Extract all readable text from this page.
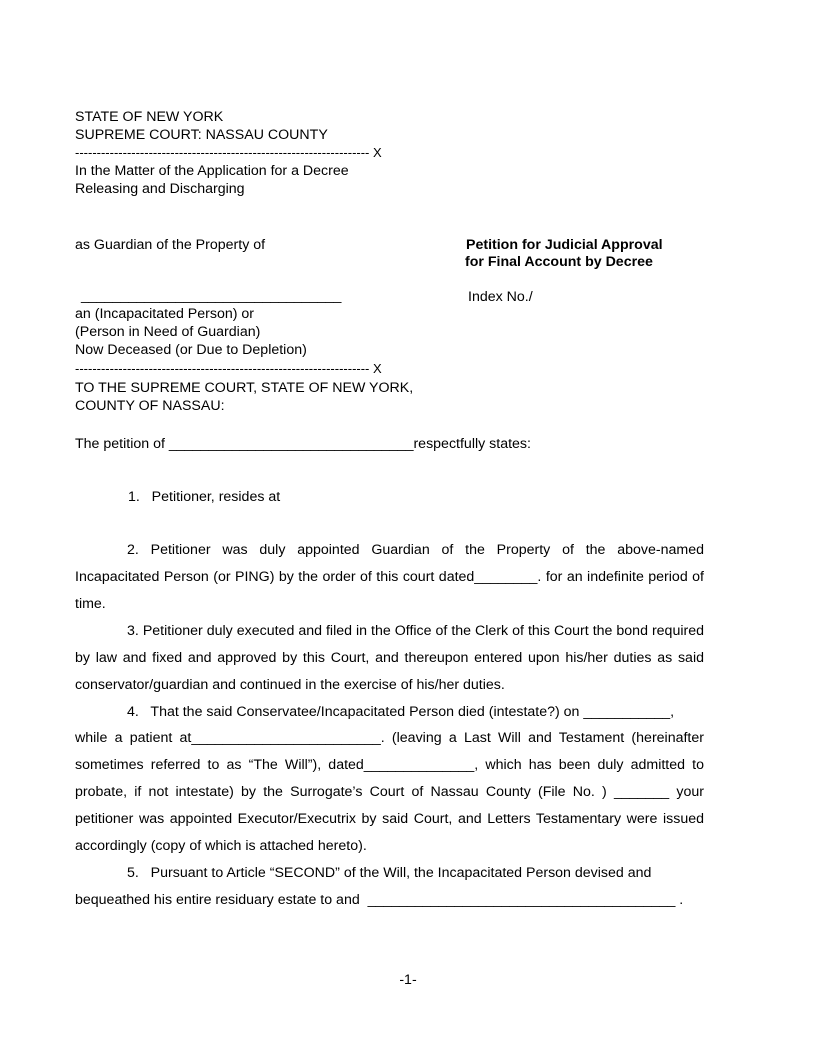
STATE OF NEW YORK
SUPREME COURT: NASSAU COUNTY
-------------------------------------------------------------------- X
In the Matter of the Application for a Decree
Releasing and Discharging
as Guardian of the Property of
_________________________________
an (Incapacitated Person) or
(Person in Need of Guardian)
Now Deceased (or Due to Depletion)
-------------------------------------------------------------------- X
Petition for Judicial Approval
for Final Account by Decree
Index No./
TO THE SUPREME COURT, STATE OF NEW YORK,
COUNTY OF NASSAU:
The petition of _______________________________respectfully states:
1.   Petitioner, resides at
2. Petitioner was duly appointed Guardian of the Property of the above-named Incapacitated Person (or PING) by the order of this court dated________. for an indefinite period of time.
3. Petitioner duly executed and filed in the Office of the Clerk of this Court the bond required by law and fixed and approved by this Court, and thereupon entered upon his/her duties as said conservator/guardian and continued in the exercise of his/her duties.
4.   That the said Conservatee/Incapacitated Person died (intestate?) on ___________,
while a patient at________________________. (leaving a Last Will and Testament (hereinafter sometimes referred to as “The Will”), dated______________, which has been duly admitted to probate, if not intestate) by the Surrogate’s Court of Nassau County (File No. ) _______ your petitioner was appointed Executor/Executrix by said Court, and Letters Testamentary were issued accordingly (copy of which is attached hereto).
5.   Pursuant to Article “SECOND” of the Will, the Incapacitated Person devised and
bequeathed his entire residuary estate to and  _______________________________________ .
-1-
